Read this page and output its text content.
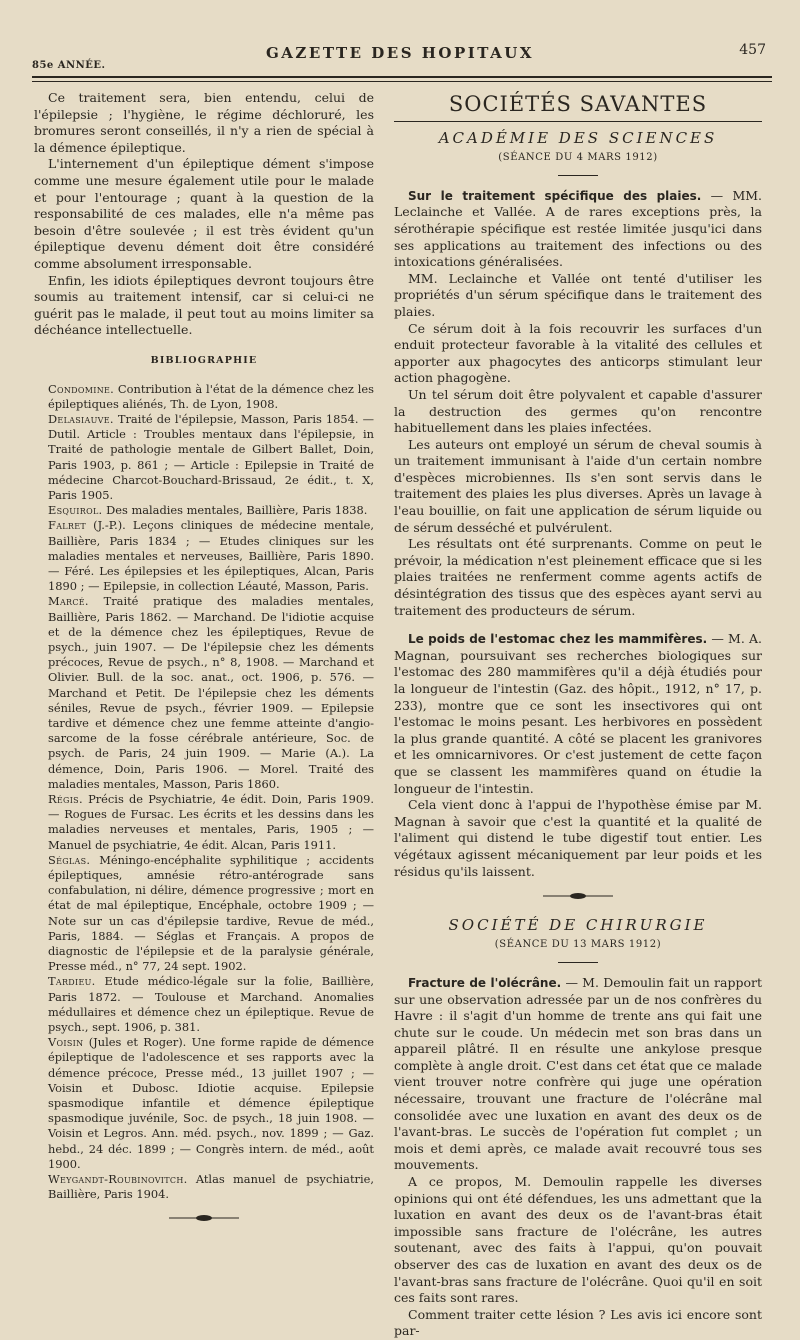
85e ANNÉE.
GAZETTE DES HOPITAUX	457

Ce traitement sera, bien entendu, celui de l'épilepsie ; l'hygiène, le régime déchloruré, les bromures seront conseillés, il n'y a rien de spécial à la démence épileptique.

L'internement d'un épileptique dément s'impose comme une mesure également utile pour le malade et pour l'entourage ; quant à la question de la responsabilité de ces malades, elle n'a même pas besoin d'être soulevée ; il est très évident qu'un épileptique devenu dément doit être considéré comme absolument irresponsable.

Enfin, les idiots épileptiques devront toujours être soumis au traitement intensif, car si celui-ci ne guérit pas le malade, il peut tout au moins limiter sa déchéance intellectuelle.

BIBLIOGRAPHIE

Condomine. Contribution à l'état de la démence chez les épileptiques aliénés, Th. de Lyon, 1908.

Delasiauve. Traité de l'épilepsie, Masson, Paris 1854. — Dutil. Article : Troubles mentaux dans l'épilepsie, in Traité de pathologie mentale de Gilbert Ballet, Doin, Paris 1903, p. 861 ; — Article : Epilepsie in Traité de médecine Charcot-Bouchard-Brissaud, 2e édit., t. X, Paris 1905.

Esquirol. Des maladies mentales, Baillière, Paris 1838.

Falret (J.-P.). Leçons cliniques de médecine mentale, Baillière, Paris 1834 ; — Etudes cliniques sur les maladies mentales et nerveuses, Baillière, Paris 1890. — Féré. Les épilepsies et les épileptiques, Alcan, Paris 1890 ; — Epilepsie, in collection Léauté, Masson, Paris.

Marcé. Traité pratique des maladies mentales, Baillière, Paris 1862. — Marchand. De l'idiotie acquise et de la démence chez les épileptiques, Revue de psych., juin 1907. — De l'épilepsie chez les déments précoces, Revue de psych., n° 8, 1908. — Marchand et Olivier. Bull. de la soc. anat., oct. 1906, p. 576. — Marchand et Petit. De l'épilepsie chez les déments séniles, Revue de psych., février 1909. — Epilepsie tardive et démence chez une femme atteinte d'angio-sarcome de la fosse cérébrale antérieure, Soc. de psych. de Paris, 24 juin 1909. — Marie (A.). La démence, Doin, Paris 1906. — Morel. Traité des maladies mentales, Masson, Paris 1860.

Régis. Précis de Psychiatrie, 4e édit. Doin, Paris 1909. — Rogues de Fursac. Les écrits et les dessins dans les maladies nerveuses et mentales, Paris, 1905 ; — Manuel de psychiatrie, 4e édit. Alcan, Paris 1911.

Séglas. Méningo-encéphalite syphilitique ; accidents épileptiques, amnésie rétro-antérograde sans confabulation, ni délire, démence progressive ; mort en état de mal épileptique, Encéphale, octobre 1909 ; — Note sur un cas d'épilepsie tardive, Revue de méd., Paris, 1884. — Séglas et Français. A propos de diagnostic de l'épilepsie et de la paralysie générale, Presse méd., n° 77, 24 sept. 1902.

Tardieu. Etude médico-légale sur la folie, Baillière, Paris 1872. — Toulouse et Marchand. Anomalies médullaires et démence chez un épileptique. Revue de psych., sept. 1906, p. 381.

Voisin (Jules et Roger). Une forme rapide de démence épileptique de l'adolescence et ses rapports avec la démence précoce, Presse méd., 13 juillet 1907 ; — Voisin et Dubosc. Idiotie acquise. Epilepsie spasmodique infantile et démence épileptique spasmodique juvénile, Soc. de psych., 18 juin 1908. — Voisin et Legros. Ann. méd. psych., nov. 1899 ; — Gaz. hebd., 24 déc. 1899 ; — Congrès intern. de méd., août 1900.

Weygandt-Roubinovitch. Atlas manuel de psychiatrie, Baillière, Paris 1904.

SOCIÉTÉS SAVANTES
ACADÉMIE DES SCIENCES
(SÉANCE DU 4 MARS 1912)

Sur le traitement spécifique des plaies. — MM. Leclainche et Vallée. A de rares exceptions près, la sérothérapie spécifique est restée limitée jusqu'ici dans ses applications au traitement des infections ou des intoxications généralisées.

MM. Leclainche et Vallée ont tenté d'utiliser les propriétés d'un sérum spécifique dans le traitement des plaies.

Ce sérum doit à la fois recouvrir les surfaces d'un enduit protecteur favorable à la vitalité des cellules et apporter aux phagocytes des anticorps stimulant leur action phagogène.

Un tel sérum doit être polyvalent et capable d'assurer la destruction des germes qu'on rencontre habituellement dans les plaies infectées.

Les auteurs ont employé un sérum de cheval soumis à un traitement immunisant à l'aide d'un certain nombre d'espèces microbiennes. Ils s'en sont servis dans le traitement des plaies les plus diverses. Après un lavage à l'eau bouillie, on fait une application de sérum liquide ou de sérum desséché et pulvérulent.

Les résultats ont été surprenants. Comme on peut le prévoir, la médication n'est pleinement efficace que si les plaies traitées ne renferment comme agents actifs de désintégration des tissus que des espèces ayant servi au traitement des producteurs de sérum.

Le poids de l'estomac chez les mammifères. — M. A. Magnan, poursuivant ses recherches biologiques sur l'estomac des 280 mammifères qu'il a déjà étudiés pour la longueur de l'intestin (Gaz. des hôpit., 1912, n° 17, p. 233), montre que ce sont les insectivores qui ont l'estomac le moins pesant. Les herbivores en possèdent la plus grande quantité. A côté se placent les granivores et les omnicarnivores. Or c'est justement de cette façon que se classent les mammifères quand on étudie la longueur de l'intestin.

Cela vient donc à l'appui de l'hypothèse émise par M. Magnan à savoir que c'est la quantité et la qualité de l'aliment qui distend le tube digestif tout entier. Les végétaux agissent mécaniquement par leur poids et les résidus qu'ils laissent.

SOCIÉTÉ DE CHIRURGIE
(SÉANCE DU 13 MARS 1912)

Fracture de l'olécrâne. — M. Demoulin fait un rapport sur une observation adressée par un de nos confrères du Havre : il s'agit d'un homme de trente ans qui fait une chute sur le coude. Un médecin met son bras dans un appareil plâtré. Il en résulte une ankylose presque complète à angle droit. C'est dans cet état que ce malade vient trouver notre confrère qui juge une opération nécessaire, trouvant une fracture de l'olécrâne mal consolidée avec une luxation en avant des deux os de l'avant-bras. Le succès de l'opération fut complet ; un mois et demi après, ce malade avait recouvré tous ses mouvements.

A ce propos, M. Demoulin rappelle les diverses opinions qui ont été défendues, les uns admettant que la luxation en avant des deux os de l'avant-bras était impossible sans fracture de l'olécrâne, les autres soutenant, avec des faits à l'appui, qu'on pouvait observer des cas de luxation en avant des deux os de l'avant-bras sans fracture de l'olécrâne. Quoi qu'il en soit ces faits sont rares.

Comment traiter cette lésion ? Les avis ici encore sont par-
